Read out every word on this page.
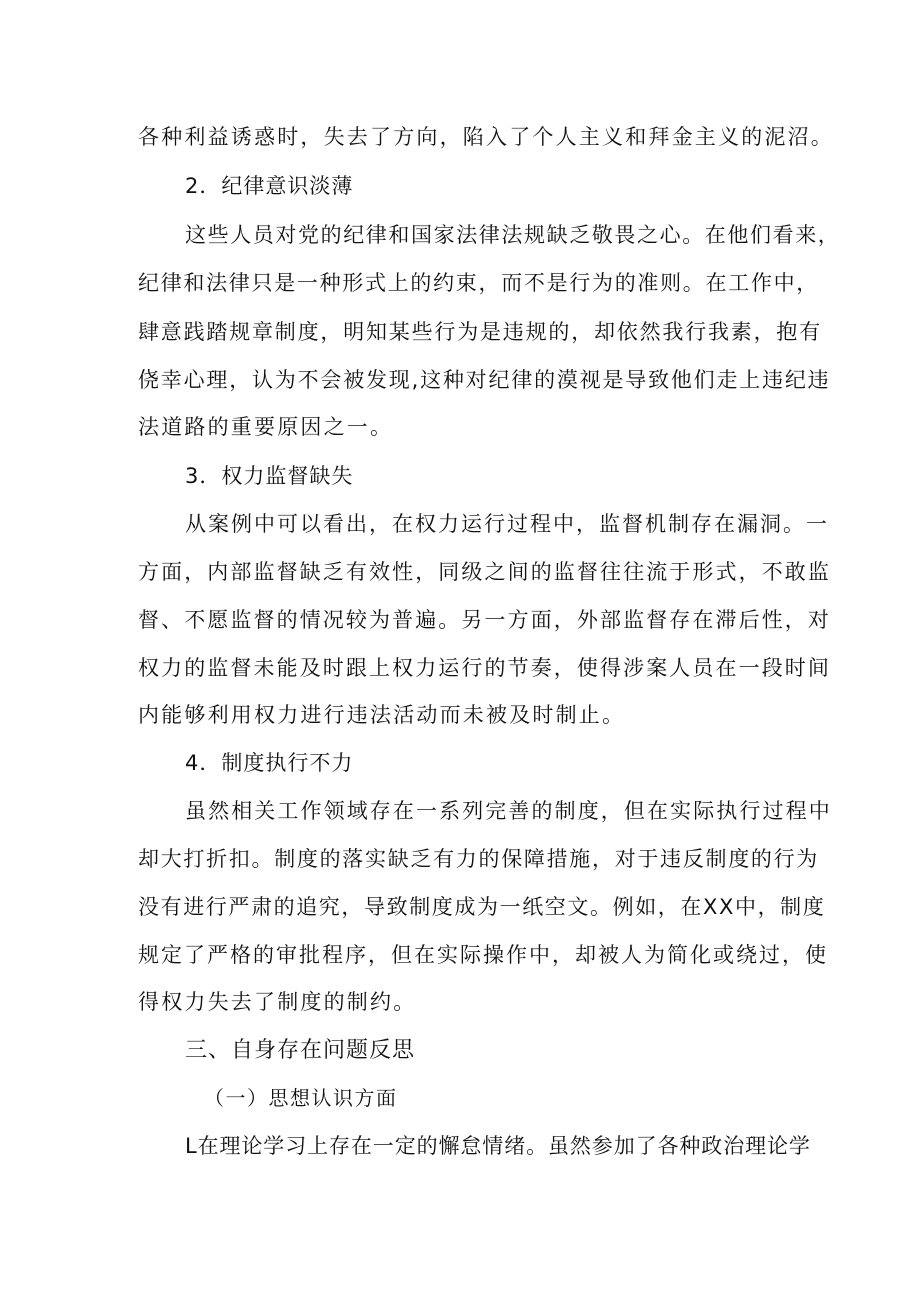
各种利益诱惑时，失去了方向，陷入了个人主义和拜金主义的泥沼。
2．纪律意识淡薄
这些人员对党的纪律和国家法律法规缺乏敬畏之心。在他们看来，
纪律和法律只是一种形式上的约束，而不是行为的准则。在工作中，
肆意践踏规章制度，明知某些行为是违规的，却依然我行我素，抱有
侥幸心理，认为不会被发现,这种对纪律的漠视是导致他们走上违纪违
法道路的重要原因之一。
3．权力监督缺失
从案例中可以看出，在权力运行过程中，监督机制存在漏洞。一
方面，内部监督缺乏有效性，同级之间的监督往往流于形式，不敢监
督、不愿监督的情况较为普遍。另一方面，外部监督存在滞后性，对
权力的监督未能及时跟上权力运行的节奏，使得涉案人员在一段时间
内能够利用权力进行违法活动而未被及时制止。
4．制度执行不力
虽然相关工作领域存在一系列完善的制度，但在实际执行过程中
却大打折扣。制度的落实缺乏有力的保障措施，对于违反制度的行为
没有进行严肃的追究，导致制度成为一纸空文。例如，在XX中，制度
规定了严格的审批程序，但在实际操作中，却被人为简化或绕过，使
得权力失去了制度的制约。
三、自身存在问题反思
（一）思想认识方面
L在理论学习上存在一定的懈怠情绪。虽然参加了各种政治理论学
